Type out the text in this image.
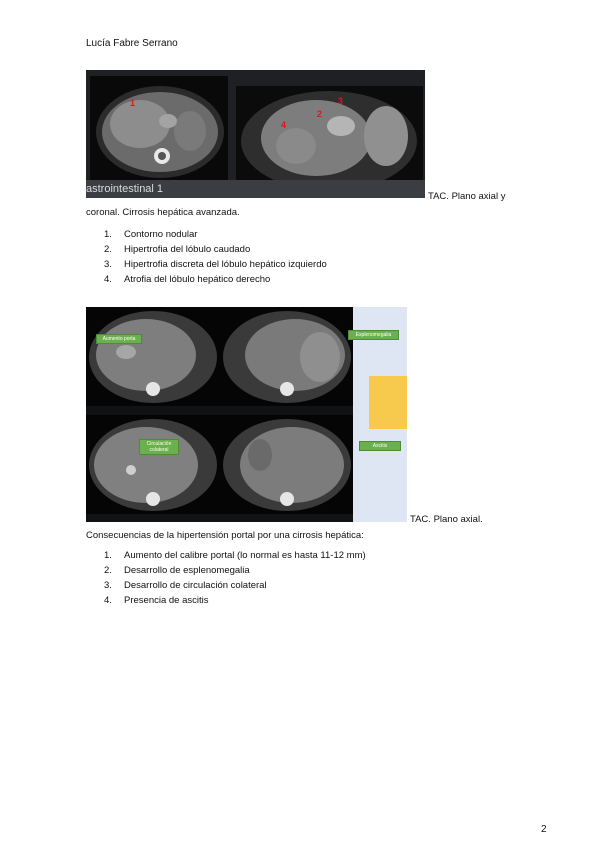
Lucía Fabre Serrano
1	3
2
4
astrointestinal 1
TAC. Plano axial y
coronal. Cirrosis hepática avanzada.
1.	Contorno nodular
2.	Hipertrofia del lóbulo caudado
3.	Hipertrofia discreta del lóbulo hepático izquierdo
4.	Atrofia del lóbulo hepático derecho
Aumento porta
Esplenomegalia
Circulación colateral
Ascitis
TAC. Plano axial.
Consecuencias de la hipertensión portal por una cirrosis hepática:
1.	Aumento del calibre portal (lo normal es hasta 11-12 mm)
2.	Desarrollo de esplenomegalia
3.	Desarrollo de circulación colateral
4.	Presencia de ascitis
2
